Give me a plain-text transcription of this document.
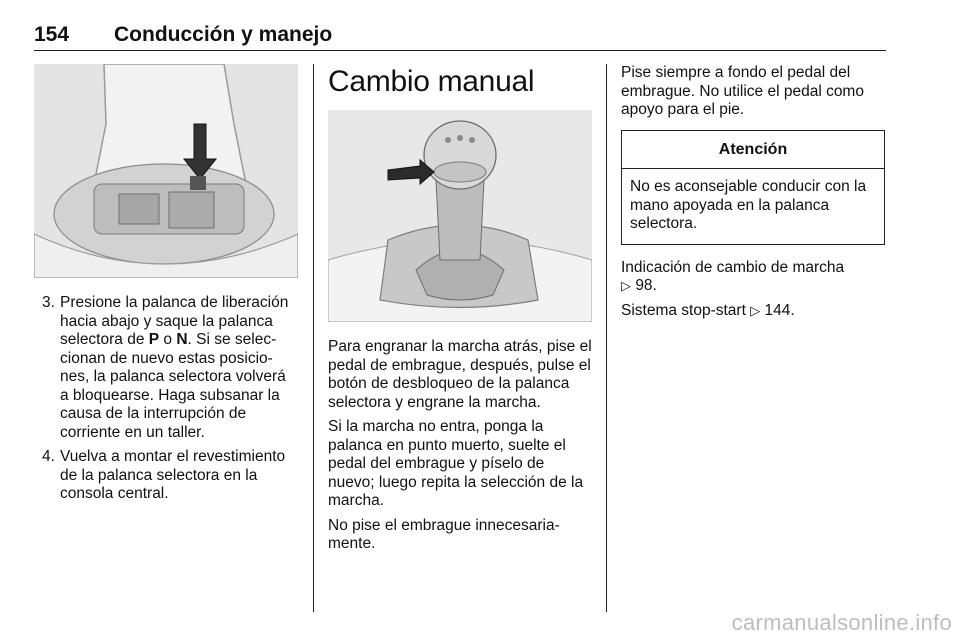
154 Conducción y manejo
3. Presione la palanca de liberación hacia abajo y saque la palanca selectora de P o N. Si se selec-cionan de nuevo estas posicio-nes, la palanca selectora volverá a bloquearse. Haga subsanar la causa de la interrupción de corriente en un taller.
4. Vuelva a montar el revestimiento de la palanca selectora en la consola central.
Cambio manual

Para engranar la marcha atrás, pise el pedal de embrague, después, pulse el botón de desbloqueo de la palanca selectora y engrane la marcha.

Si la marcha no entra, ponga la palanca en punto muerto, suelte el pedal del embrague y píselo de nuevo; luego repita la selección de la marcha.

No pise el embrague innecesaria-mente.

Pise siempre a fondo el pedal del embrague. No utilice el pedal como apoyo para el pie.

Atención
No es aconsejable conducir con la mano apoyada en la palanca selectora.

Indicación de cambio de marcha
▷ 98.

Sistema stop-start ▷ 144.

carmanualsonline.info
